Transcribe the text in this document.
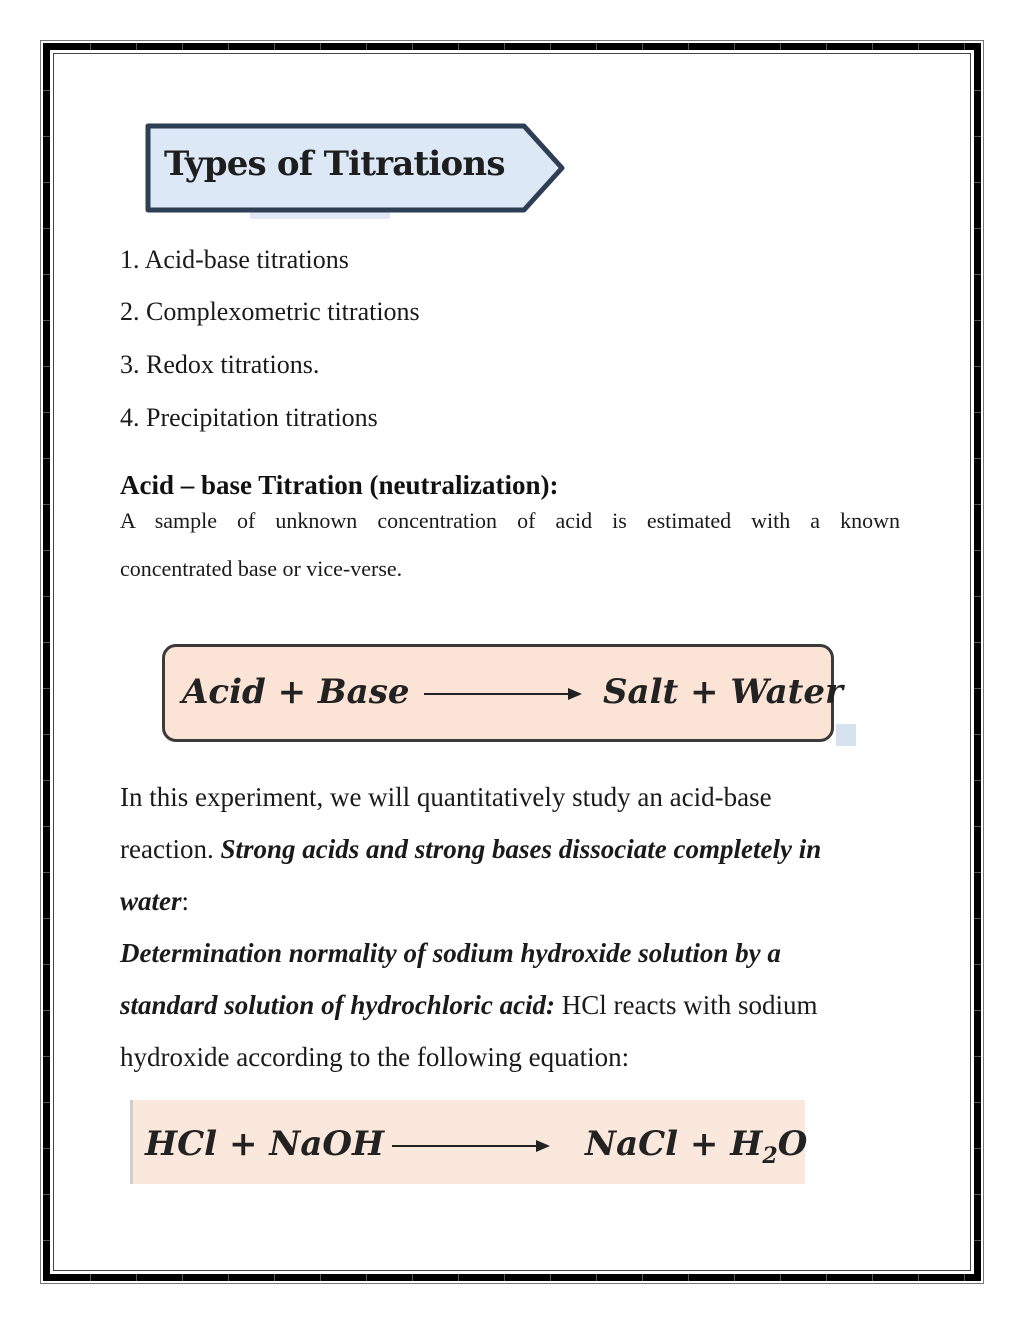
Types of Titrations
1. Acid-base titrations
2. Complexometric titrations
3. Redox titrations.
4. Precipitation titrations
Acid – base Titration (neutralization):
A sample of unknown concentration of acid is estimated with a known
concentrated base or vice-verse.
Acid + Base	Salt + Water
In this experiment, we will quantitatively study an acid-base
reaction. Strong acids and strong bases dissociate completely in
water:
Determination normality of sodium hydroxide solution by a
standard solution of hydrochloric acid: HCl reacts with sodium
hydroxide according to the following equation:
HCl + NaOH	NaCl + $H_2O$
